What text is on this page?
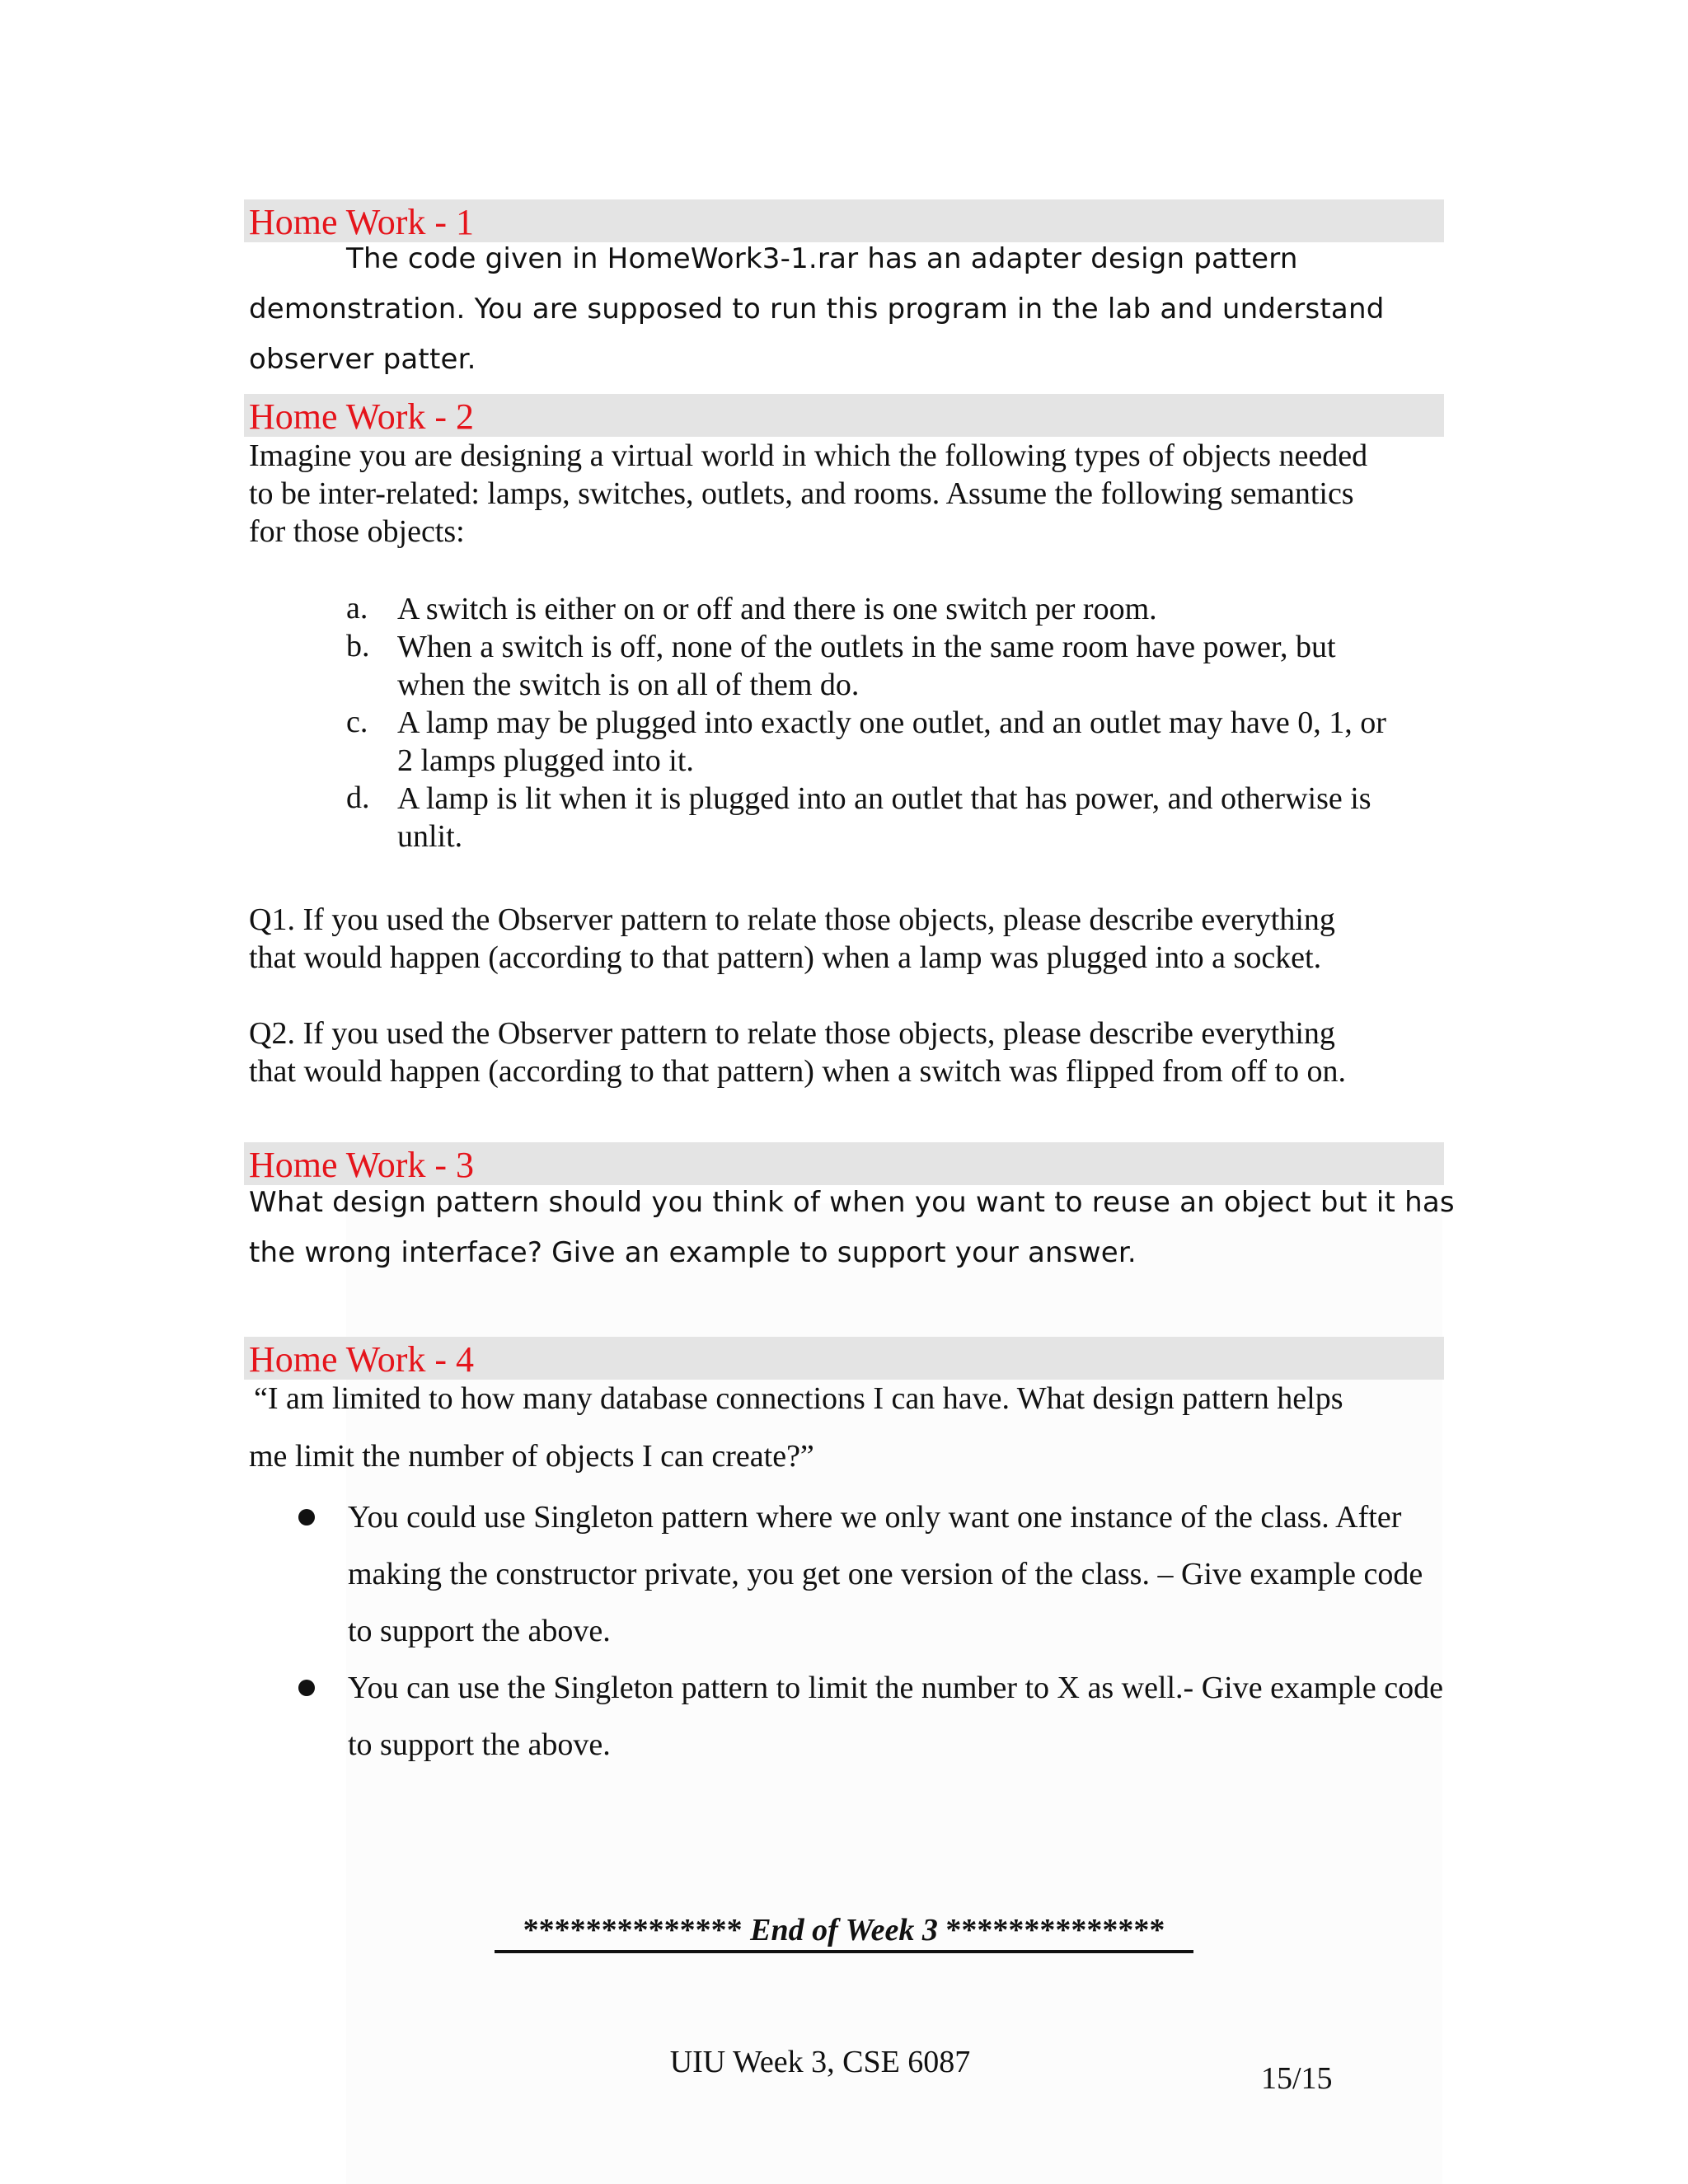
Home Work - 1
The code given in HomeWork3-1.rar has an adapter design pattern
demonstration. You are supposed to run this program in the lab and understand
observer patter.
Home Work - 2
Imagine you are designing a virtual world in which the following types of objects needed
to be inter-related: lamps, switches, outlets, and rooms. Assume the following semantics
for those objects:
a. A switch is either on or off and there is one switch per room.
b. When a switch is off, none of the outlets in the same room have power, but when the switch is on all of them do.
c. A lamp may be plugged into exactly one outlet, and an outlet may have 0, 1, or 2 lamps plugged into it.
d. A lamp is lit when it is plugged into an outlet that has power, and otherwise is unlit.
Q1. If you used the Observer pattern to relate those objects, please describe everything
that would happen (according to that pattern) when a lamp was plugged into a socket.
Q2. If you used the Observer pattern to relate those objects, please describe everything
that would happen (according to that pattern) when a switch was flipped from off to on.
Home Work - 3
What design pattern should you think of when you want to reuse an object but it has
the wrong interface? Give an example to support your answer.
Home Work - 4
“I am limited to how many database connections I can have. What design pattern helps
me limit the number of objects I can create?”
You could use Singleton pattern where we only want one instance of the class. After making the constructor private, you get one version of the class. – Give example code to support the above.
You can use the Singleton pattern to limit the number to X as well.- Give example code to support the above.
************** End of Week 3 **************
UIU Week 3, CSE 6087	15/15
